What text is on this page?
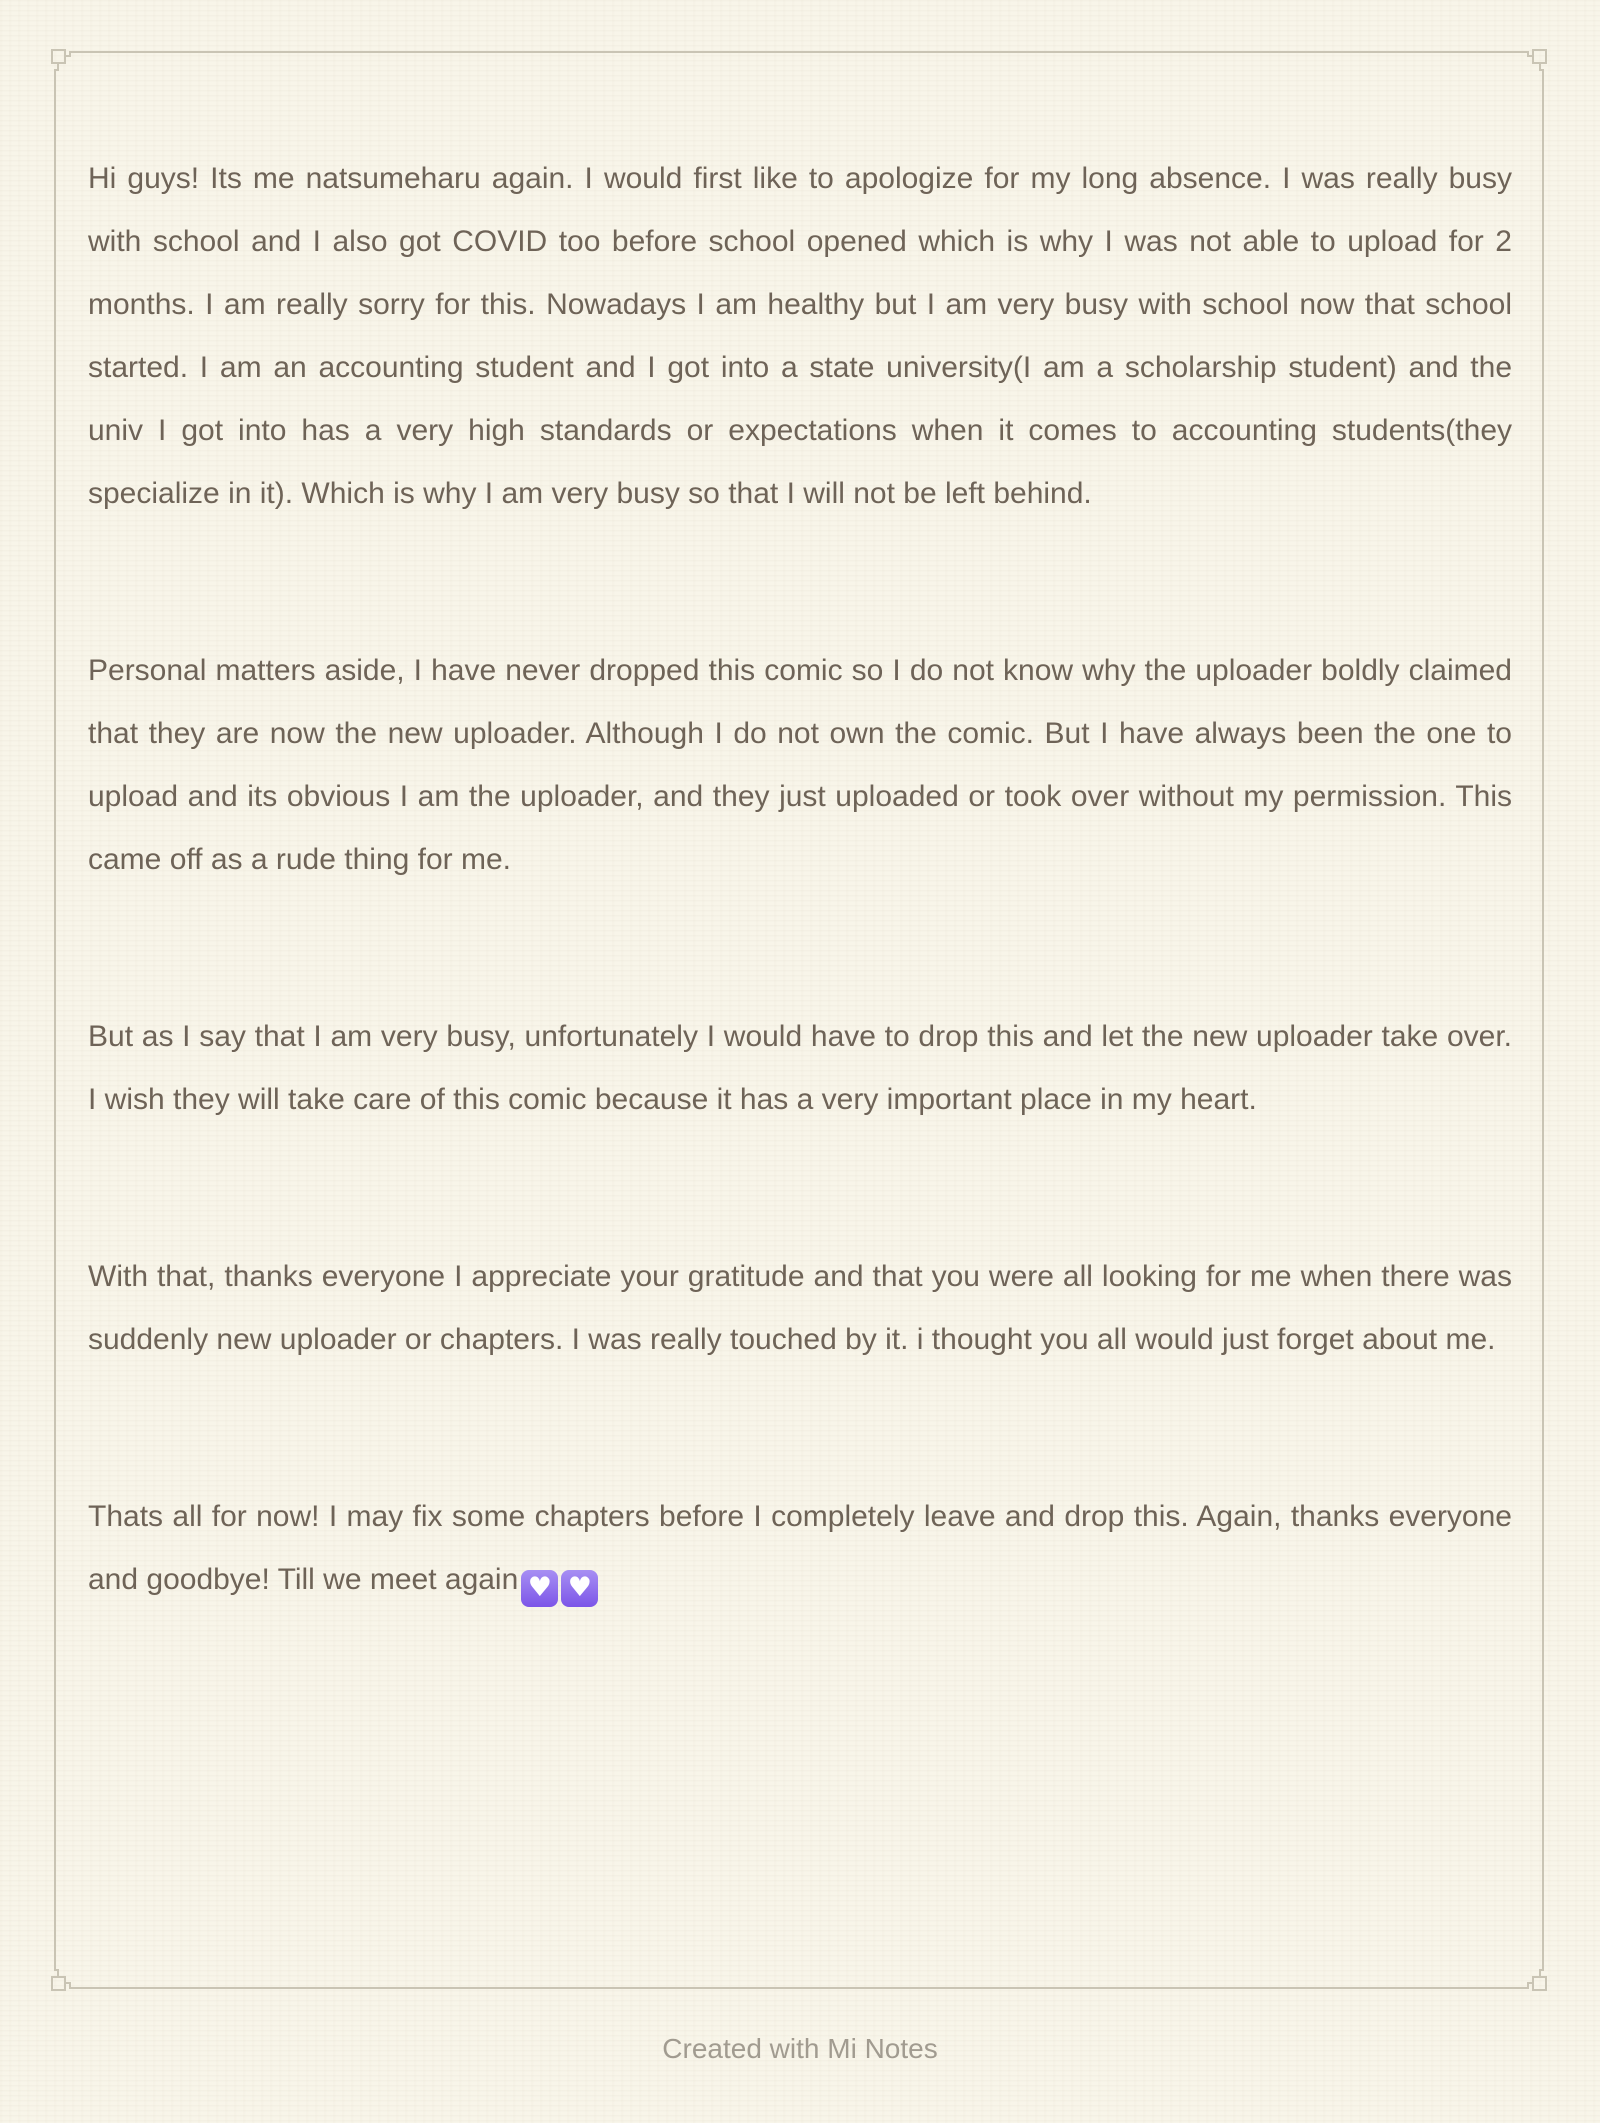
Hi guys! Its me natsumeharu again. I would first like to apologize for my long absence. I was really busy with school and I also got COVID too before school opened which is why I was not able to upload for 2 months. I am really sorry for this. Nowadays I am healthy but I am very busy with school now that school started. I am an accounting student and I got into a state university(I am a scholarship student) and the univ I got into has a very high standards or expectations when it comes to accounting students(they specialize in it). Which is why I am very busy so that I will not be left behind.

Personal matters aside, I have never dropped this comic so I do not know why the uploader boldly claimed that they are now the new uploader. Although I do not own the comic. But I have always been the one to upload and its obvious I am the uploader, and they just uploaded or took over without my permission. This came off as a rude thing for me.

But as I say that I am very busy, unfortunately I would have to drop this and let the new uploader take over. I wish they will take care of this comic because it has a very important place in my heart.

With that, thanks everyone I appreciate your gratitude and that you were all looking for me when there was suddenly new uploader or chapters. I was really touched by it. i thought you all would just forget about me.

Thats all for now! I may fix some chapters before I completely leave and drop this. Again, thanks everyone and goodbye! Till we meet again ♥ ♥

Created with Mi Notes
